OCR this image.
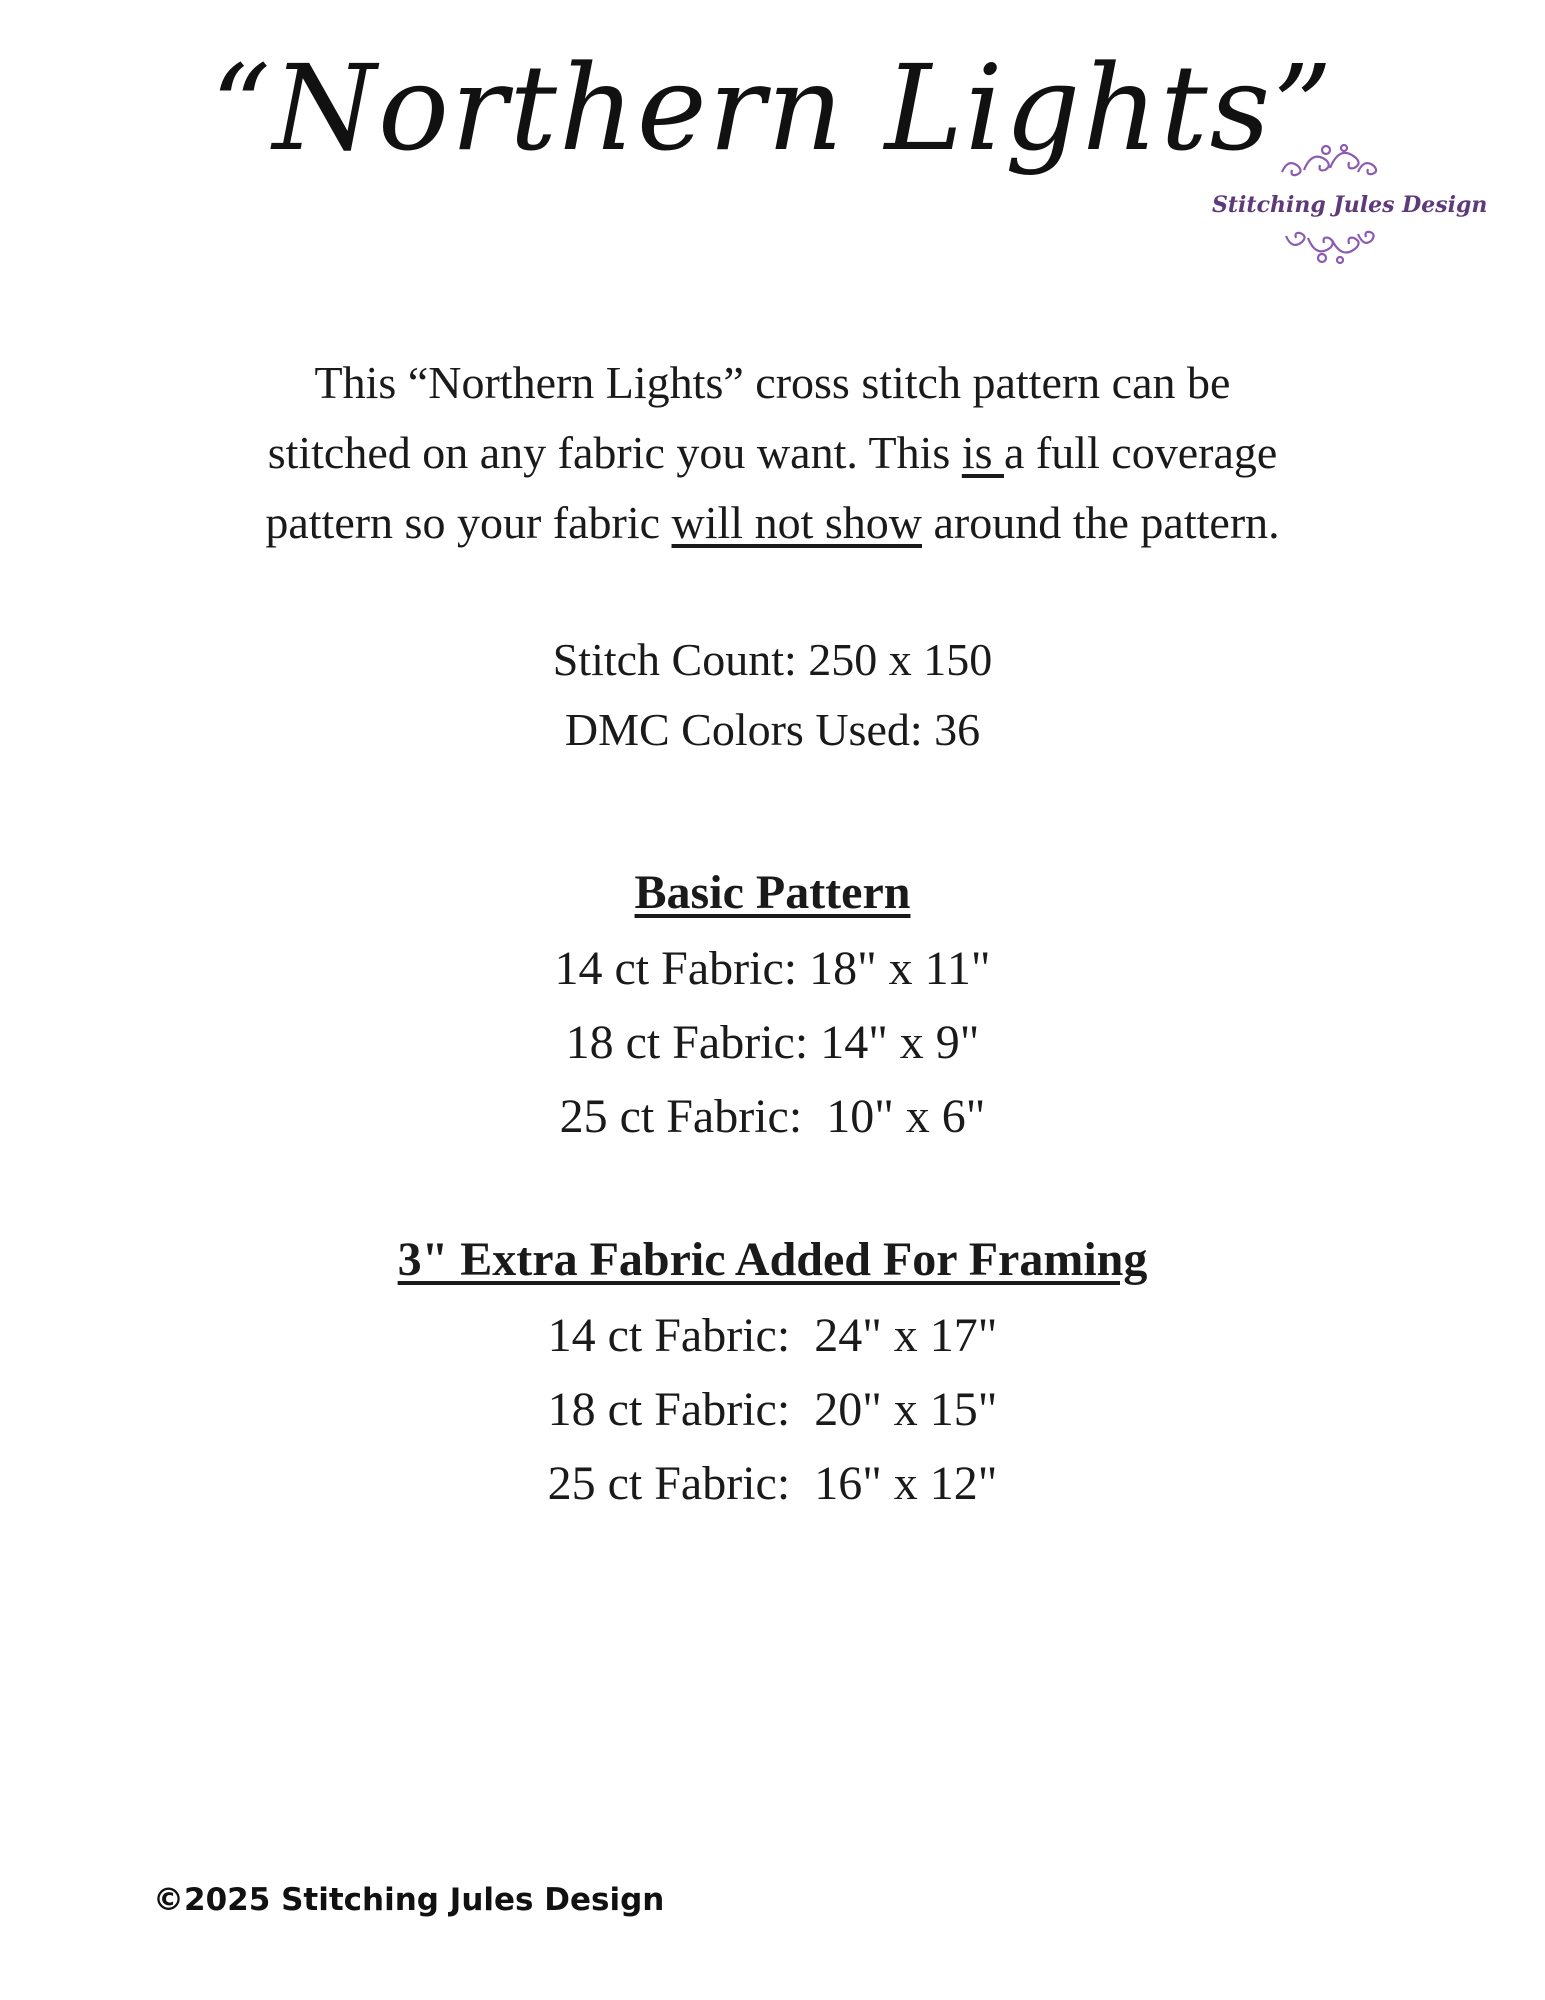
“Northern Lights”
Stitching Jules Design
This “Northern Lights” cross stitch pattern can be
stitched on any fabric you want. This is a full coverage
pattern so your fabric will not show around the pattern.
Stitch Count: 250 x 150
DMC Colors Used: 36
Basic Pattern
14 ct Fabric: 18" x 11"
18 ct Fabric: 14" x 9"
25 ct Fabric:  10" x 6"
3" Extra Fabric Added For Framing
14 ct Fabric:  24" x 17"
18 ct Fabric:  20" x 15"
25 ct Fabric:  16" x 12"
©2025 Stitching Jules Design
